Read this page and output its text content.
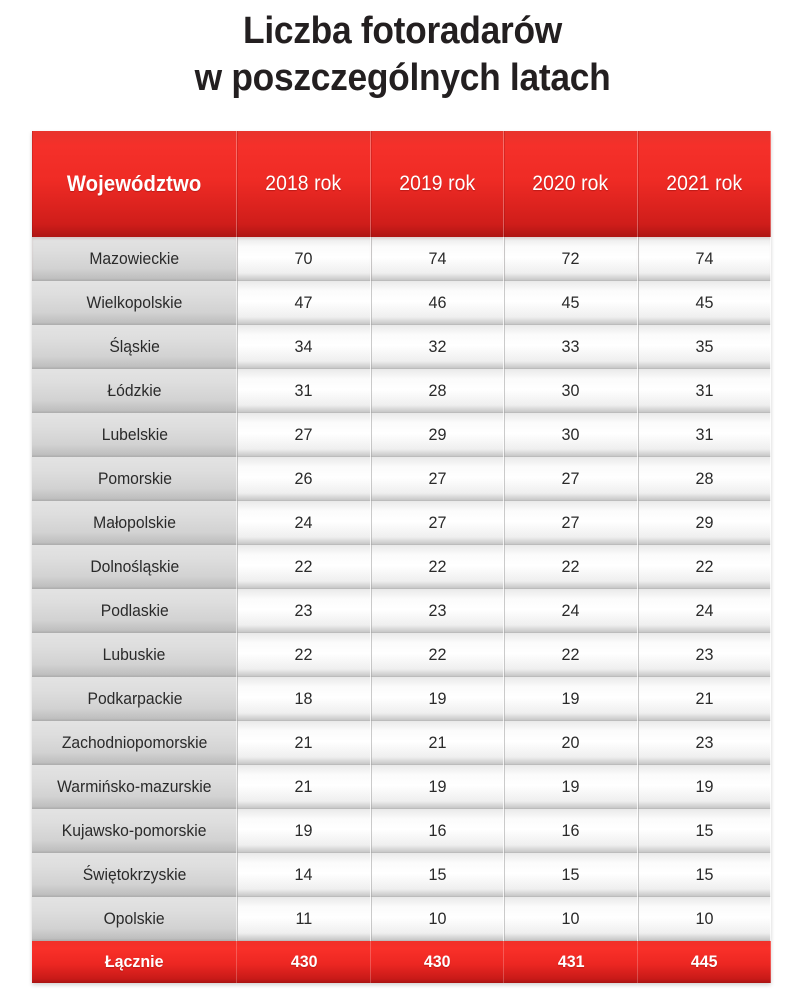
Liczba fotoradarów
w poszczególnych latach
Województwo	2018 rok	2019 rok	2020 rok	2021 rok
Mazowieckie	70	74	72	74
Wielkopolskie	47	46	45	45
Śląskie	34	32	33	35
Łódzkie	31	28	30	31
Lubelskie	27	29	30	31
Pomorskie	26	27	27	28
Małopolskie	24	27	27	29
Dolnośląskie	22	22	22	22
Podlaskie	23	23	24	24
Lubuskie	22	22	22	23
Podkarpackie	18	19	19	21
Zachodniopomorskie	21	21	20	23
Warmińsko-mazurskie	21	19	19	19
Kujawsko-pomorskie	19	16	16	15
Świętokrzyskie	14	15	15	15
Opolskie	11	10	10	10
Łącznie	430	430	431	445
